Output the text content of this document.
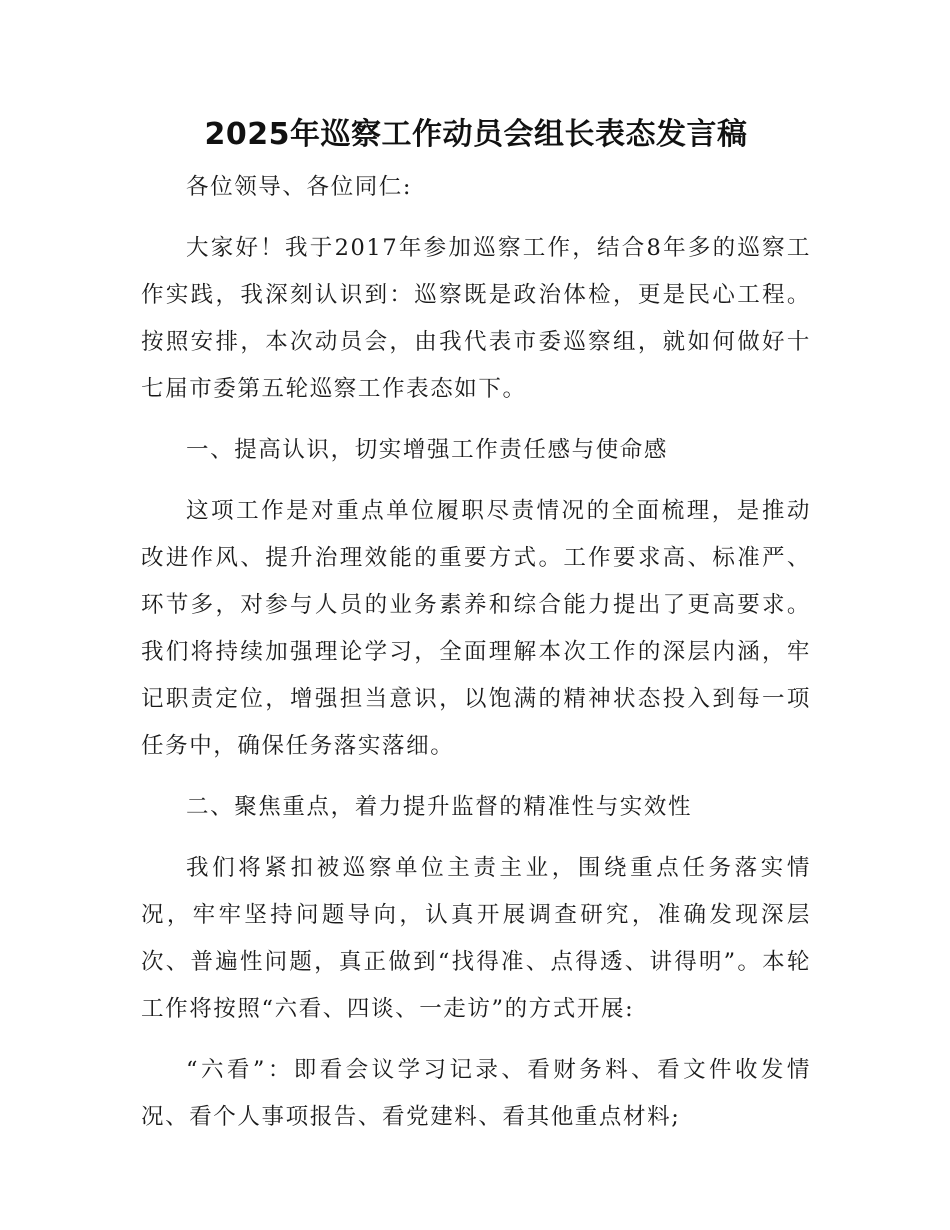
2025年巡察工作动员会组长表态发言稿

各位领导、各位同仁:

大家好！我于2017年参加巡察工作，结合8年多的巡察工作实践，我深刻认识到：巡察既是政治体检，更是民心工程。按照安排，本次动员会，由我代表市委巡察组，就如何做好十七届市委第五轮巡察工作表态如下。

一、提高认识，切实增强工作责任感与使命感

这项工作是对重点单位履职尽责情况的全面梳理，是推动改进作风、提升治理效能的重要方式。工作要求高、标准严、环节多，对参与人员的业务素养和综合能力提出了更高要求。我们将持续加强理论学习，全面理解本次工作的深层内涵，牢记职责定位，增强担当意识，以饱满的精神状态投入到每一项任务中，确保任务落实落细。

二、聚焦重点，着力提升监督的精准性与实效性

我们将紧扣被巡察单位主责主业，围绕重点任务落实情况，牢牢坚持问题导向，认真开展调查研究，准确发现深层次、普遍性问题，真正做到“找得准、点得透、讲得明”。本轮工作将按照“六看、四谈、一走访”的方式开展:

“六看”：即看会议学习记录、看财务料、看文件收发情况、看个人事项报告、看党建料、看其他重点材料;
